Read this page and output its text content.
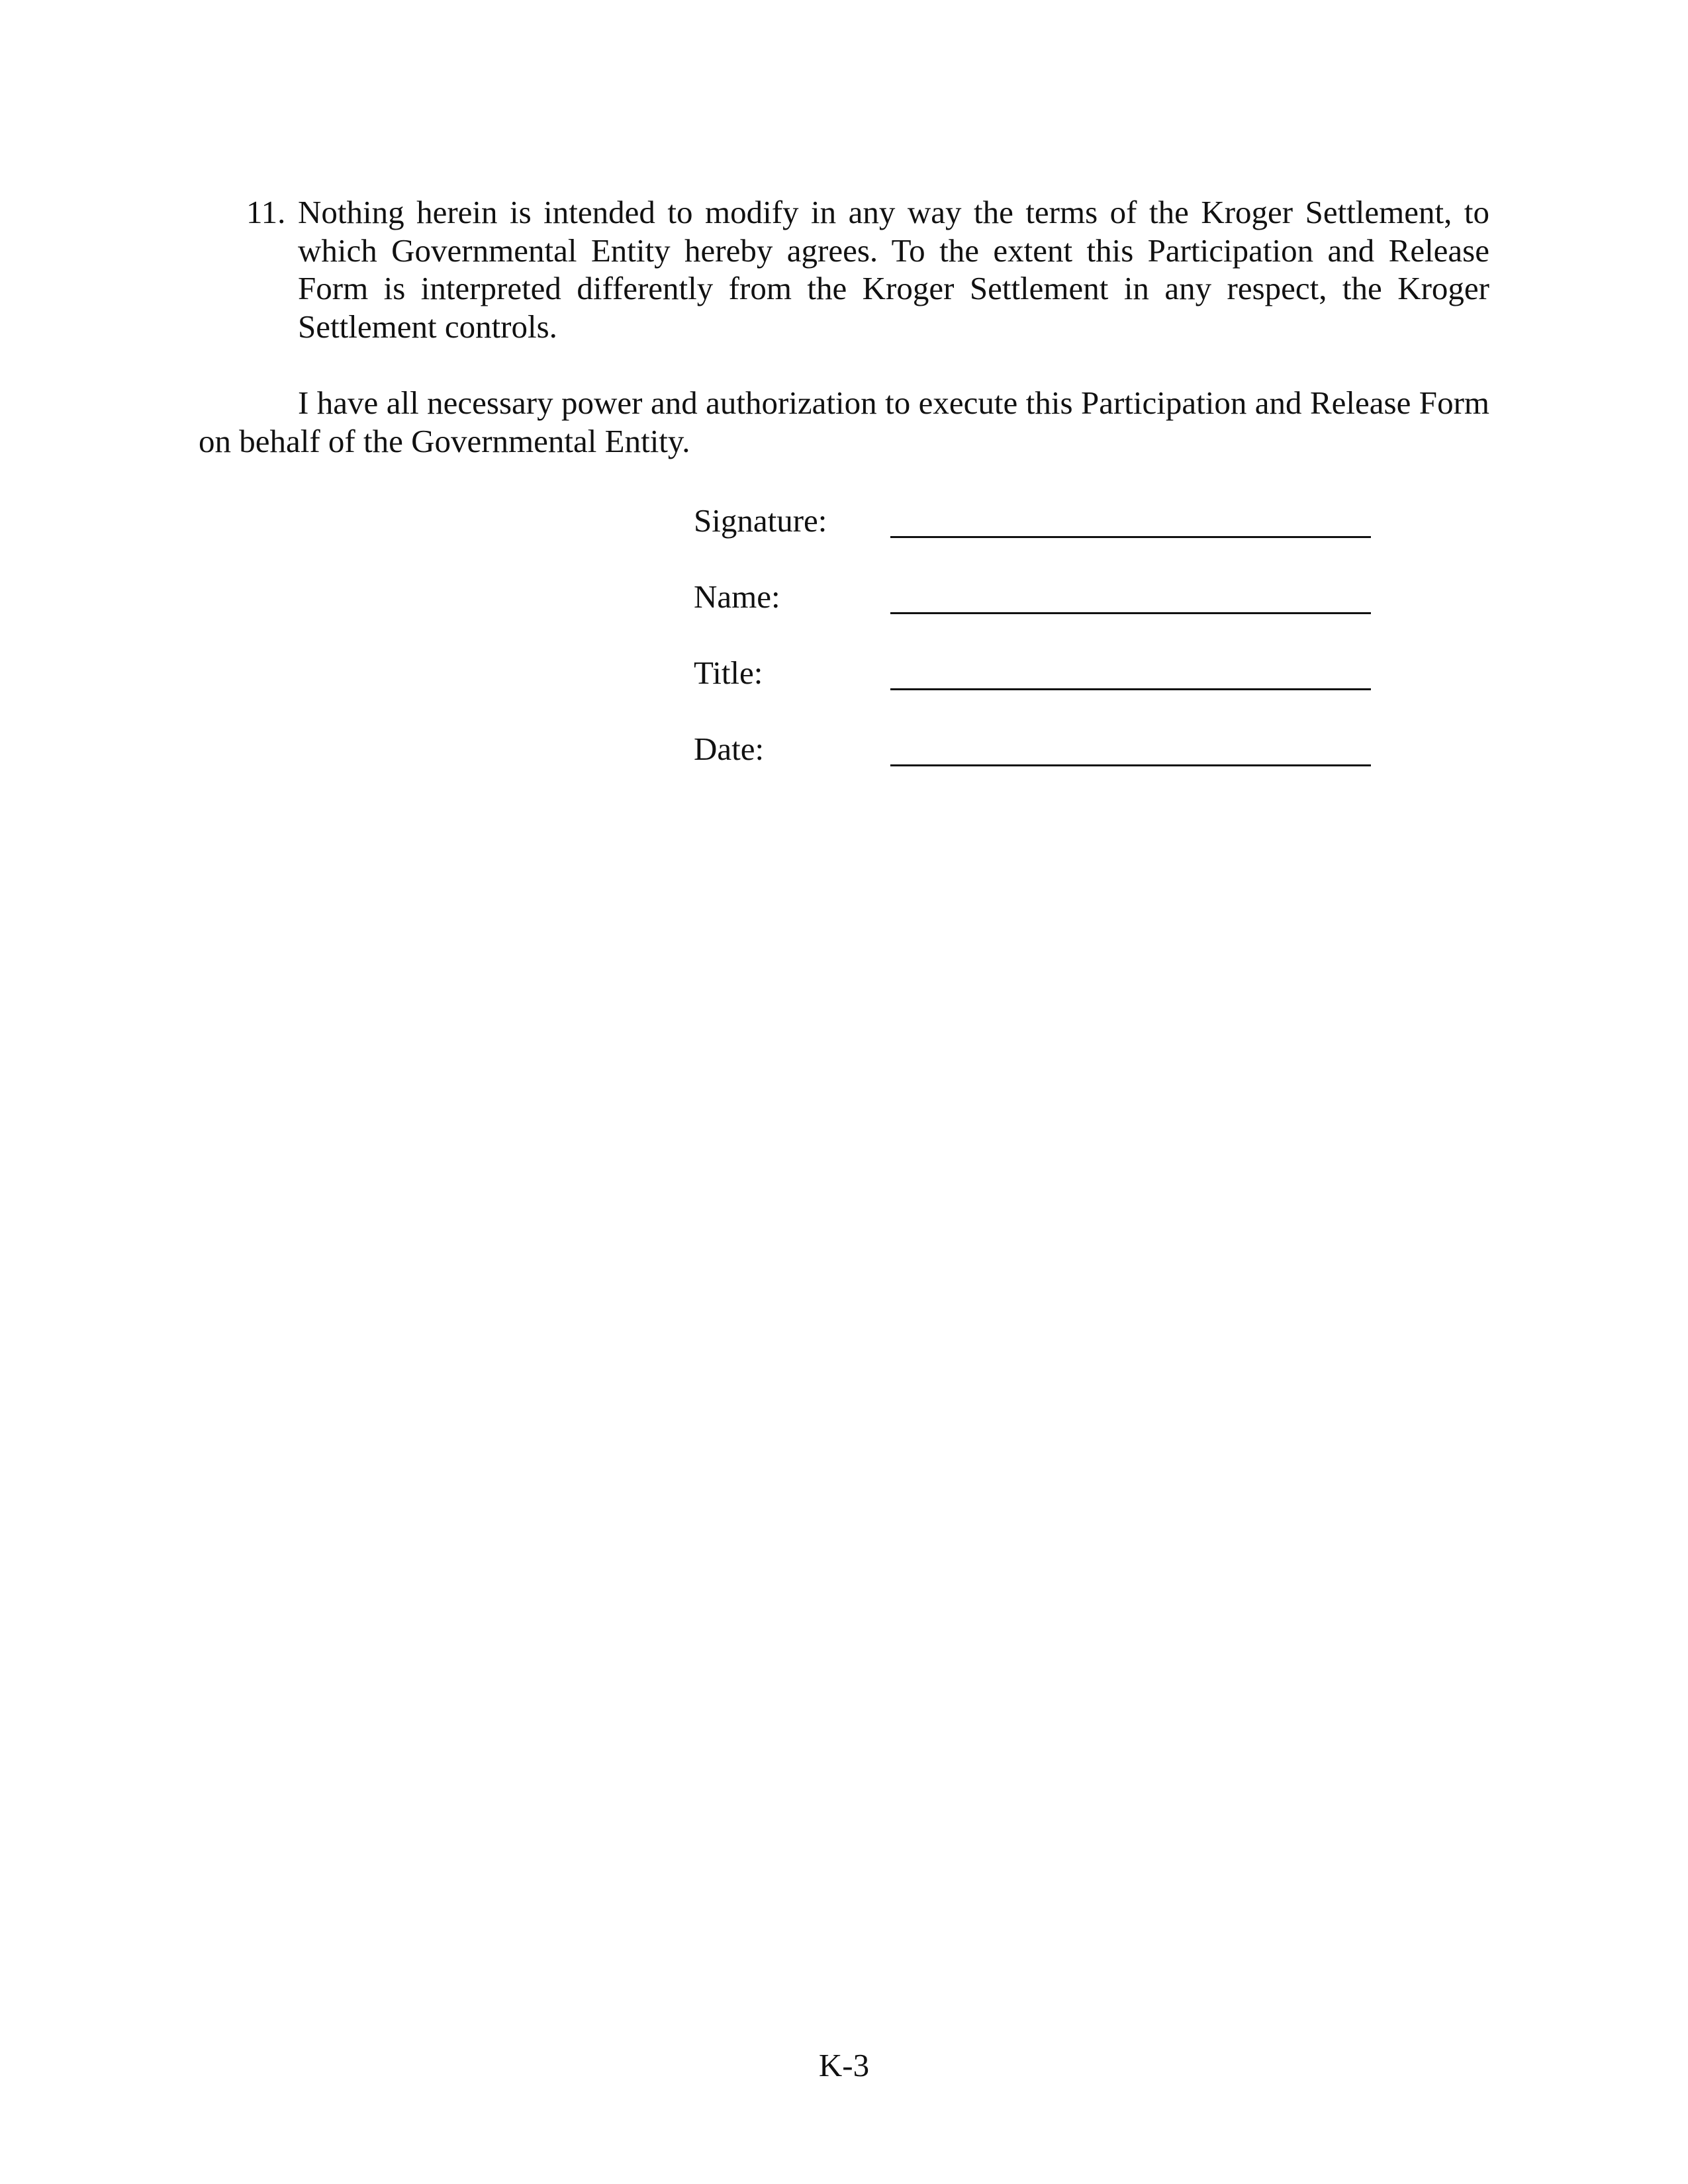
11. Nothing herein is intended to modify in any way the terms of the Kroger Settlement, to which Governmental Entity hereby agrees. To the extent this Participation and Release Form is interpreted differently from the Kroger Settlement in any respect, the Kroger Settlement controls.
I have all necessary power and authorization to execute this Participation and Release Form on behalf of the Governmental Entity.
Signature:
Name:
Title:
Date:
K-3
